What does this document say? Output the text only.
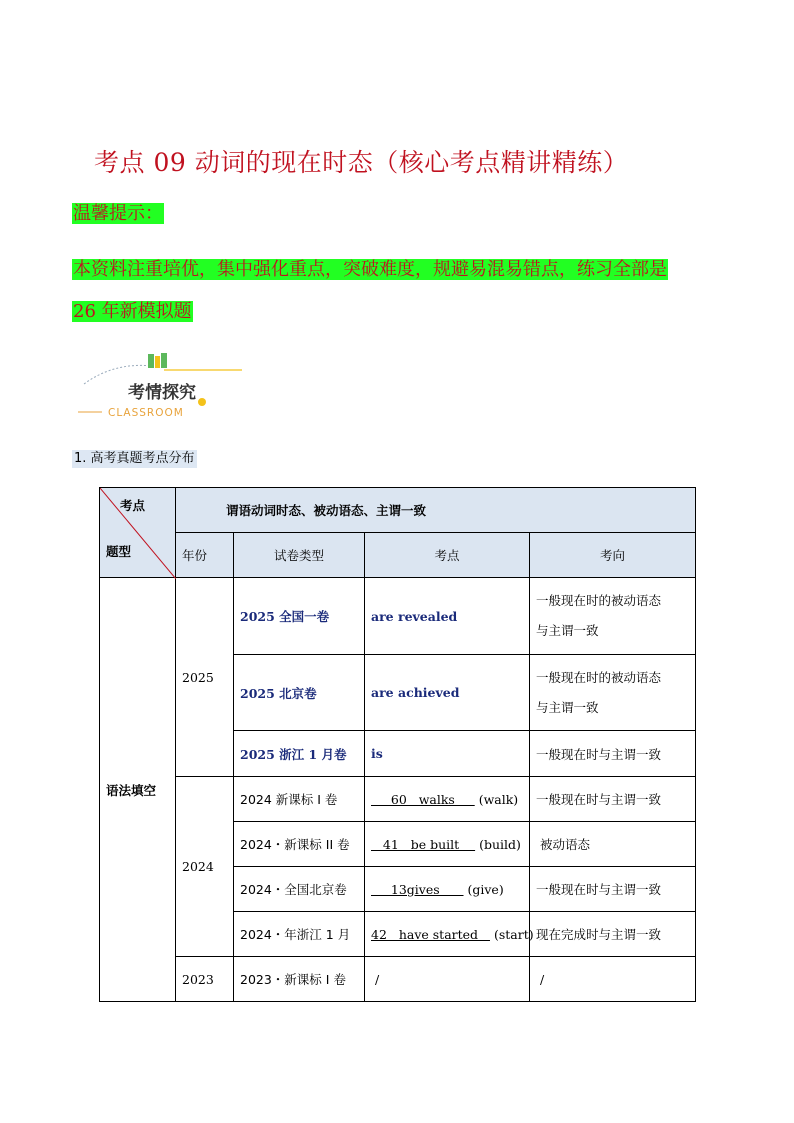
考点 09 动词的现在时态（核心考点精讲精练）
温馨提示：
本资料注重培优，集中强化重点，突破难度，规避易混易错点，练习全部是
26 年新模拟题
考情探究
CLASSROOM
1. 高考真题考点分布
考点
题型	谓语动词时态、被动语态、主谓一致			
	年份	试卷类型	考点	考向
语法填空	2025	2025 全国一卷	are revealed	一般现在时的被动语态
与主谓一致
		2025 北京卷	are achieved	一般现在时的被动语态
与主谓一致
		2025 浙江 1 月卷	is	一般现在时与主谓一致
	2024	2024 新课标 I 卷	60   walks      (walk)	一般现在时与主谓一致
		2024・新课标 II 卷	41   be built     (build)	被动语态
		2024・全国北京卷	13gives       (give)	一般现在时与主谓一致
		2024・年浙江 1 月	42   have started    (start)	现在完成时与主谓一致
	2023	2023・新课标 I 卷	/	/
